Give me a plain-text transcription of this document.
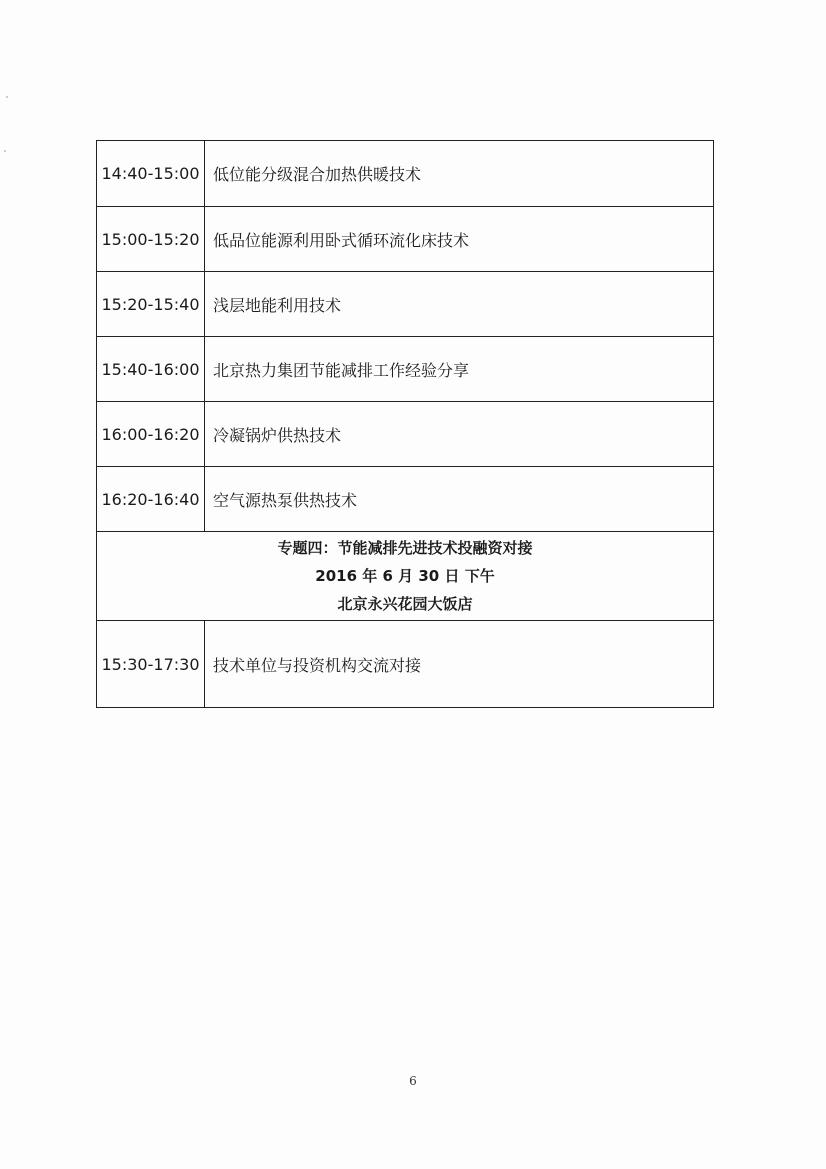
14:40-15:00	低位能分级混合加热供暖技术
15:00-15:20	低品位能源利用卧式循环流化床技术
15:20-15:40	浅层地能利用技术
15:40-16:00	北京热力集团节能减排工作经验分享
16:00-16:20	冷凝锅炉供热技术
16:20-16:40	空气源热泵供热技术

专题四：节能减排先进技术投融资对接
2016 年 6 月 30 日 下午
北京永兴花园大饭店	

15:30-17:30	技术单位与投资机构交流对接
6
